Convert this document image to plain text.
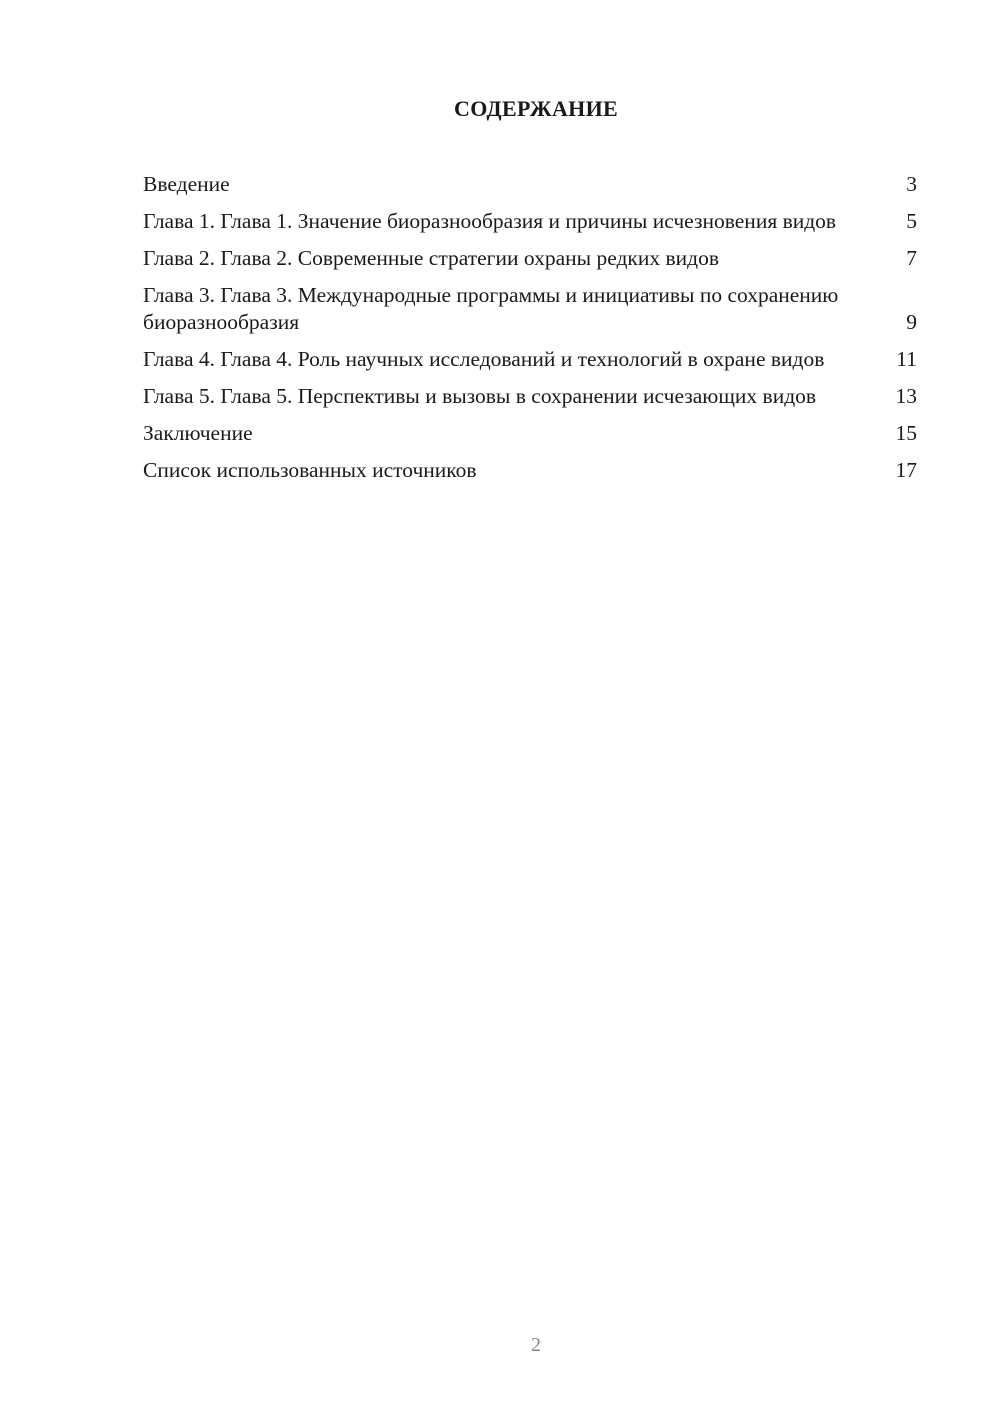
СОДЕРЖАНИЕ
Введение	3
Глава 1. Глава 1. Значение биоразнообразия и причины исчезновения видов	5
Глава 2. Глава 2. Современные стратегии охраны редких видов	7
Глава 3. Глава 3. Международные программы и инициативы по сохранению биоразнообразия	9
Глава 4. Глава 4. Роль научных исследований и технологий в охране видов	11
Глава 5. Глава 5. Перспективы и вызовы в сохранении исчезающих видов	13
Заключение	15
Список использованных источников	17
2
